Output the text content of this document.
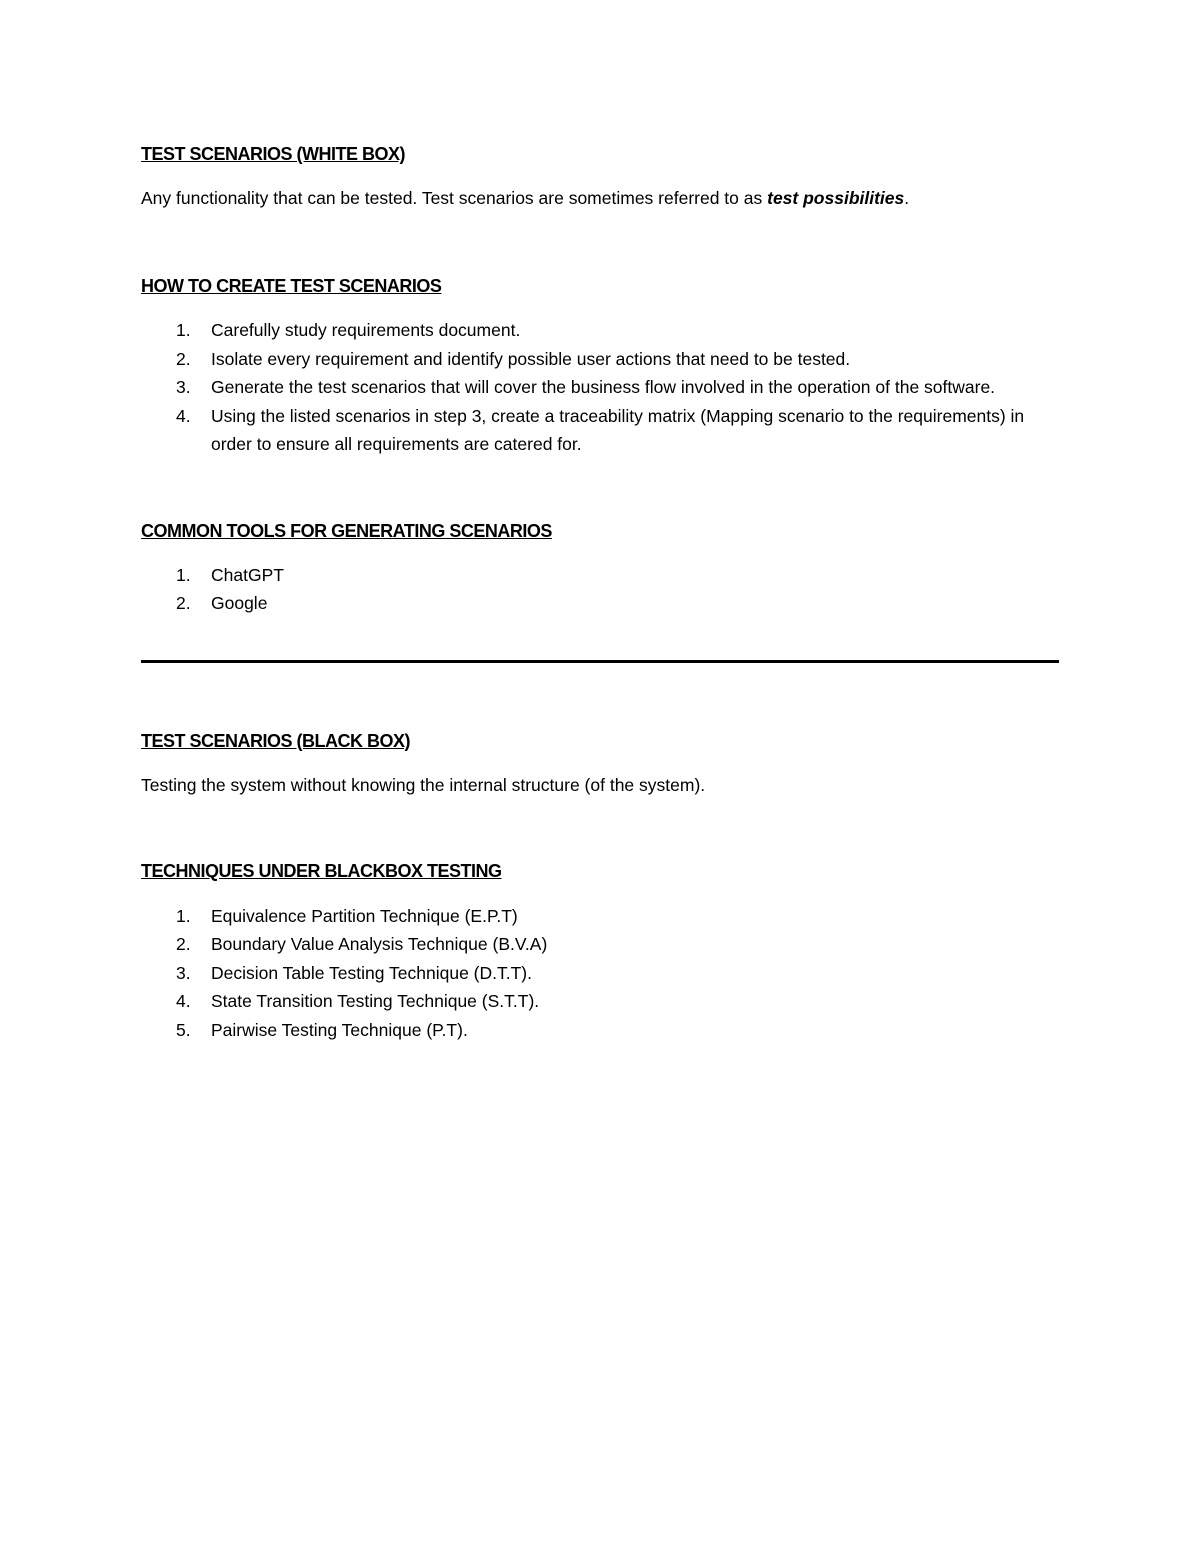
TEST SCENARIOS (WHITE BOX)

Any functionality that can be tested. Test scenarios are sometimes referred to as test possibilities.

HOW TO CREATE TEST SCENARIOS
1. Carefully study requirements document.
2. Isolate every requirement and identify possible user actions that need to be tested.
3. Generate the test scenarios that will cover the business flow involved in the operation of the software.
4. Using the listed scenarios in step 3, create a traceability matrix (Mapping scenario to the requirements) in order to ensure all requirements are catered for.
COMMON TOOLS FOR GENERATING SCENARIOS
1. ChatGPT
2. Google
TEST SCENARIOS (BLACK BOX)

Testing the system without knowing the internal structure (of the system).

TECHNIQUES UNDER BLACKBOX TESTING
1. Equivalence Partition Technique (E.P.T)
2. Boundary Value Analysis Technique (B.V.A)
3. Decision Table Testing Technique (D.T.T).
4. State Transition Testing Technique (S.T.T).
5. Pairwise Testing Technique (P.T).
